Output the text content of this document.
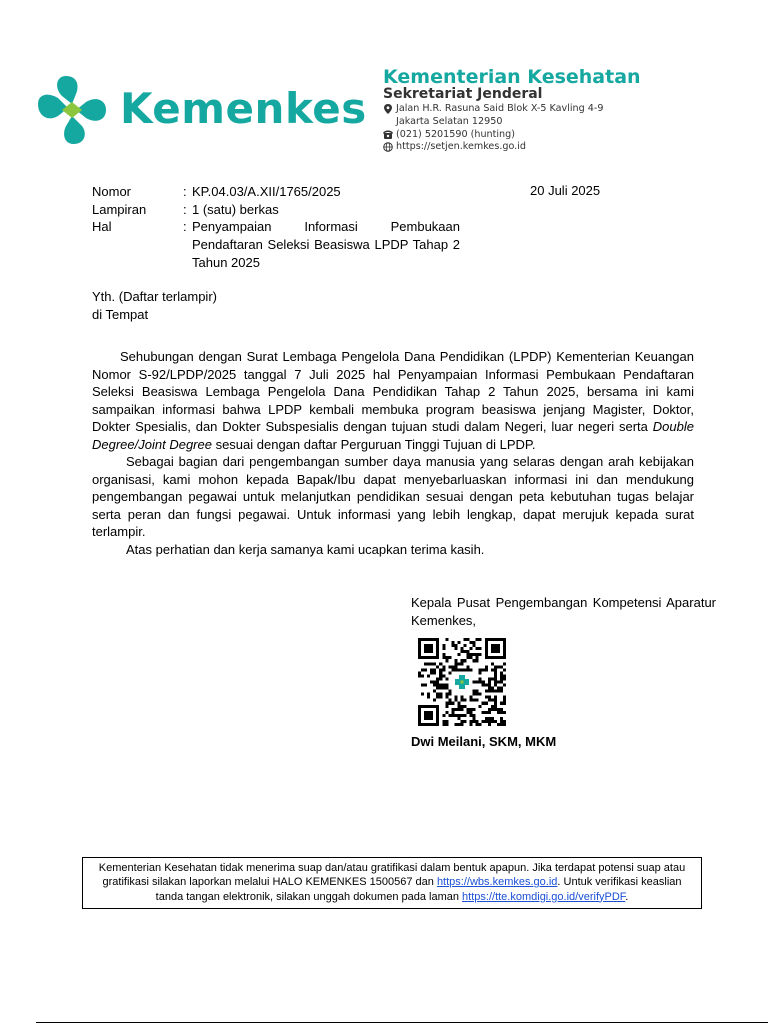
Kemenkes
Kementerian Kesehatan
Sekretariat Jenderal
Jalan H.R. Rasuna Said Blok X-5 Kavling 4-9
Jakarta Selatan 12950
(021) 5201590 (hunting)
https://setjen.kemkes.go.id
Nomor	: KP.04.03/A.XII/1765/2025	20 Juli 2025
Lampiran	: 1 (satu) berkas
Hal	: Penyampaian Informasi Pembukaan Pendaftaran Seleksi Beasiswa LPDP Tahap 2 Tahun 2025
Yth. (Daftar terlampir)
di Tempat

Sehubungan dengan Surat Lembaga Pengelola Dana Pendidikan (LPDP) Kementerian Keuangan Nomor S-92/LPDP/2025 tanggal 7 Juli 2025 hal Penyampaian Informasi Pembukaan Pendaftaran Seleksi Beasiswa Lembaga Pengelola Dana Pendidikan Tahap 2 Tahun 2025, bersama ini kami sampaikan informasi bahwa LPDP kembali membuka program beasiswa jenjang Magister, Doktor, Dokter Spesialis, dan Dokter Subspesialis dengan tujuan studi dalam Negeri, luar negeri serta Double Degree/Joint Degree sesuai dengan daftar Perguruan Tinggi Tujuan di LPDP.

Sebagai bagian dari pengembangan sumber daya manusia yang selaras dengan arah kebijakan organisasi, kami mohon kepada Bapak/Ibu dapat menyebarluaskan informasi ini dan mendukung pengembangan pegawai untuk melanjutkan pendidikan sesuai dengan peta kebutuhan tugas belajar serta peran dan fungsi pegawai. Untuk informasi yang lebih lengkap, dapat merujuk kepada surat terlampir.

Atas perhatian dan kerja samanya kami ucapkan terima kasih.

Kepala Pusat Pengembangan Kompetensi Aparatur Kemenkes,
Dwi Meilani, SKM, MKM
Kementerian Kesehatan tidak menerima suap dan/atau gratifikasi dalam bentuk apapun. Jika terdapat potensi suap atau gratifikasi silakan laporkan melalui HALO KEMENKES 1500567 dan https://wbs.kemkes.go.id. Untuk verifikasi keaslian tanda tangan elektronik, silakan unggah dokumen pada laman https://tte.komdigi.go.id/verifyPDF.
